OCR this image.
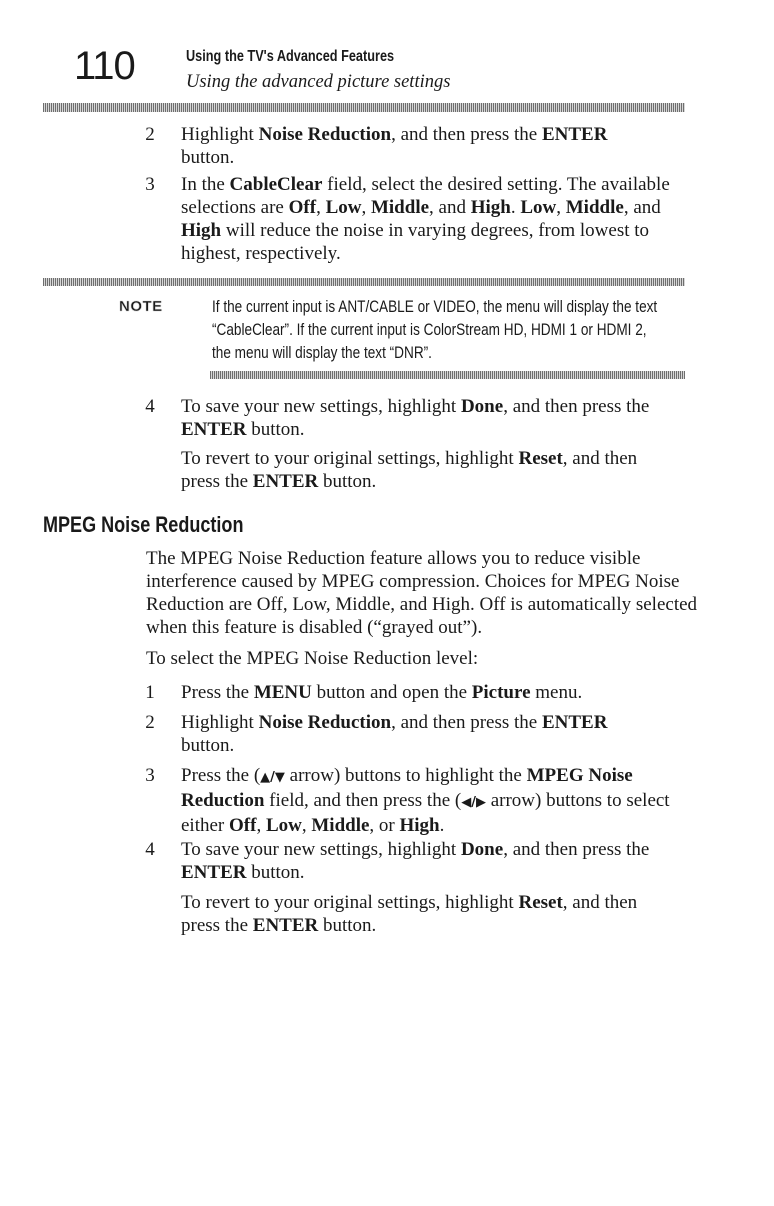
110	Using the TV's Advanced Features
Using the advanced picture settings
2 Highlight Noise Reduction, and then press the ENTER button.
3 In the CableClear field, select the desired setting. The available selections are Off, Low, Middle, and High. Low, Middle, and High will reduce the noise in varying degrees, from lowest to highest, respectively.
NOTE	If the current input is ANT/CABLE or VIDEO, the menu will display the text “CableClear”. If the current input is ColorStream HD, HDMI 1 or HDMI 2, the menu will display the text “DNR”.
4 To save your new settings, highlight Done, and then press the ENTER button.
To revert to your original settings, highlight Reset, and then press the ENTER button.
MPEG Noise Reduction
The MPEG Noise Reduction feature allows you to reduce visible interference caused by MPEG compression. Choices for MPEG Noise Reduction are Off, Low, Middle, and High. Off is automatically selected when this feature is disabled (“grayed out”).
To select the MPEG Noise Reduction level:
1 Press the MENU button and open the Picture menu.
2 Highlight Noise Reduction, and then press the ENTER button.
3 Press the (▲/▼ arrow) buttons to highlight the MPEG Noise Reduction field, and then press the (◀/▶ arrow) buttons to select either Off, Low, Middle, or High.
4 To save your new settings, highlight Done, and then press the ENTER button.
To revert to your original settings, highlight Reset, and then press the ENTER button.
